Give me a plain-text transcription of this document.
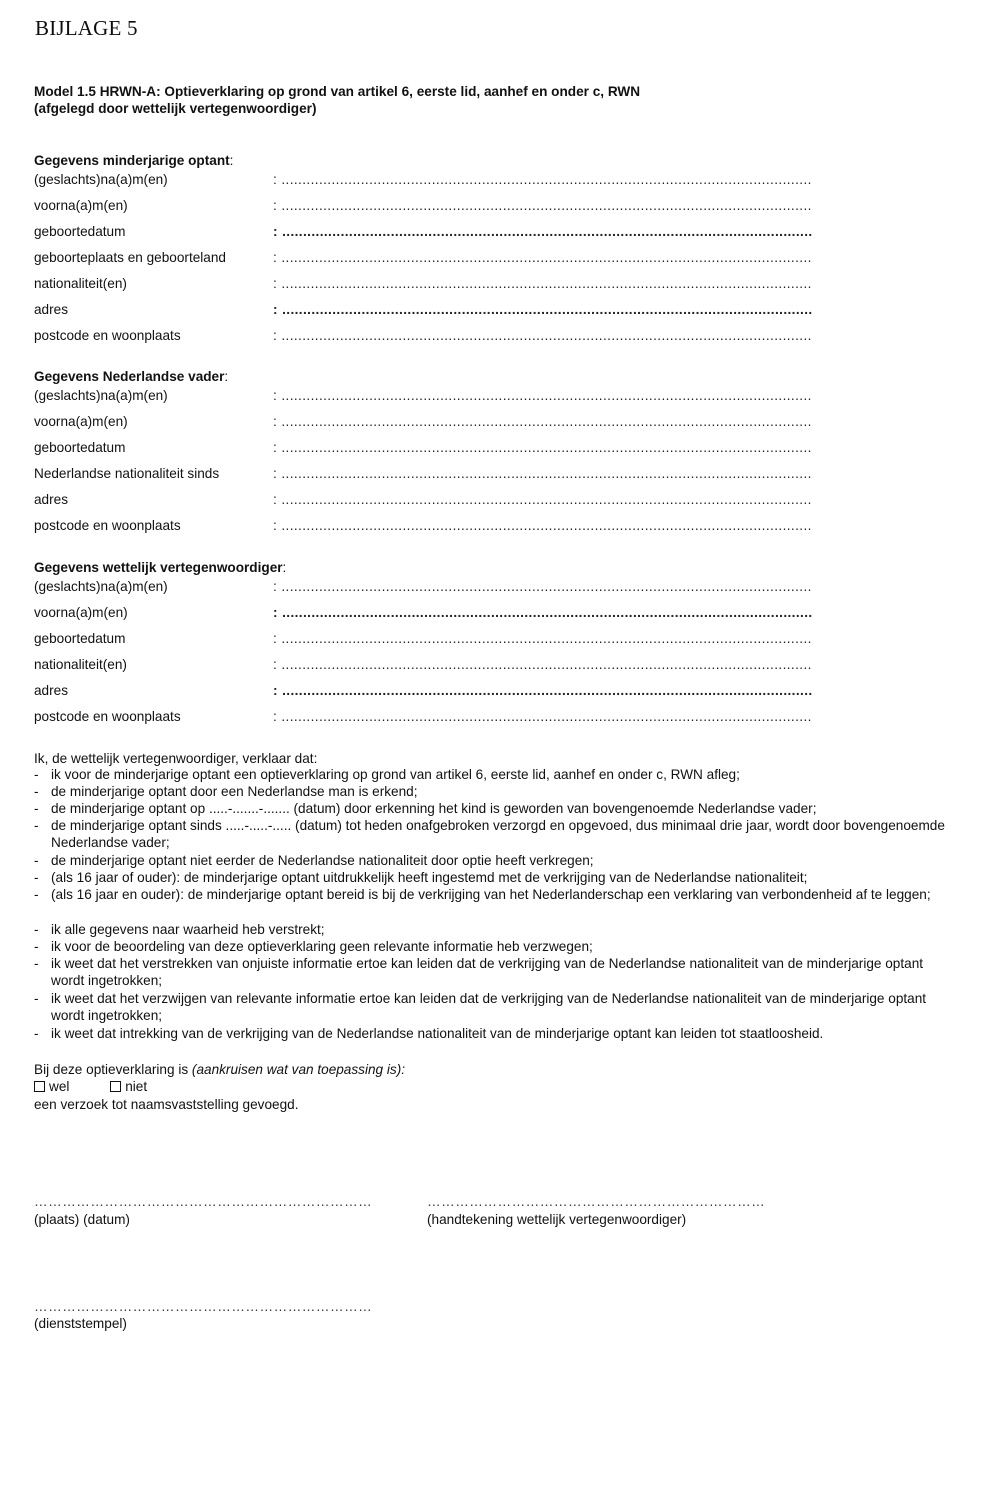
BIJLAGE 5
Model 1.5 HRWN-A: Optieverklaring op grond van artikel 6, eerste lid, aanhef en onder c, RWN
(afgelegd door wettelijk vertegenwoordiger)
Gegevens minderjarige optant:
(geslachts)na(a)m(en)	: ...............................................................................................................................
voorna(a)m(en)	: ...............................................................................................................................
geboortedatum	: ...............................................................................................................................
geboorteplaats en geboorteland	: ...............................................................................................................................
nationaliteit(en)	: ...............................................................................................................................
adres	: ...............................................................................................................................
postcode en woonplaats	: ...............................................................................................................................
Gegevens Nederlandse vader:
(geslachts)na(a)m(en)	: ...............................................................................................................................
voorna(a)m(en)	: ...............................................................................................................................
geboortedatum	: ...............................................................................................................................
Nederlandse nationaliteit sinds	: ...............................................................................................................................
adres	: ...............................................................................................................................
postcode en woonplaats	: ...............................................................................................................................
Gegevens wettelijk vertegenwoordiger:
(geslachts)na(a)m(en)	: ...............................................................................................................................
voorna(a)m(en)	: ...............................................................................................................................
geboortedatum	: ...............................................................................................................................
nationaliteit(en)	: ...............................................................................................................................
adres	: ...............................................................................................................................
postcode en woonplaats	: ...............................................................................................................................
Ik, de wettelijk vertegenwoordiger, verklaar dat:
- ik voor de minderjarige optant een optieverklaring op grond van artikel 6, eerste lid, aanhef en onder c, RWN afleg;
- de minderjarige optant door een Nederlandse man is erkend;
- de minderjarige optant op .....-.......-....... (datum) door erkenning het kind is geworden van bovengenoemde Nederlandse vader;
- de minderjarige optant sinds .....-.....-..... (datum) tot heden onafgebroken verzorgd en opgevoed, dus minimaal drie jaar, wordt door bovengenoemde Nederlandse vader;
- de minderjarige optant niet eerder de Nederlandse nationaliteit door optie heeft verkregen;
- (als 16 jaar of ouder): de minderjarige optant uitdrukkelijk heeft ingestemd met de verkrijging van de Nederlandse nationaliteit;
- (als 16 jaar en ouder): de minderjarige optant bereid is bij de verkrijging van het Nederlanderschap een verklaring van verbondenheid af te leggen;
- ik alle gegevens naar waarheid heb verstrekt;
- ik voor de beoordeling van deze optieverklaring geen relevante informatie heb verzwegen;
- ik weet dat het verstrekken van onjuiste informatie ertoe kan leiden dat de verkrijging van de Nederlandse nationaliteit van de minderjarige optant wordt ingetrokken;
- ik weet dat het verzwijgen van relevante informatie ertoe kan leiden dat de verkrijging van de Nederlandse nationaliteit van de minderjarige optant wordt ingetrokken;
- ik weet dat intrekking van de verkrijging van de Nederlandse nationaliteit van de minderjarige optant kan leiden tot staatloosheid.
Bij deze optieverklaring is (aankruisen wat van toepassing is):
wel	niet
een verzoek tot naamsvaststelling gevoegd.
………………………………………………………………
(plaats) (datum)
………………………………………………………………
(handtekening wettelijk vertegenwoordiger)
………………………………………………………………
(dienststempel)
